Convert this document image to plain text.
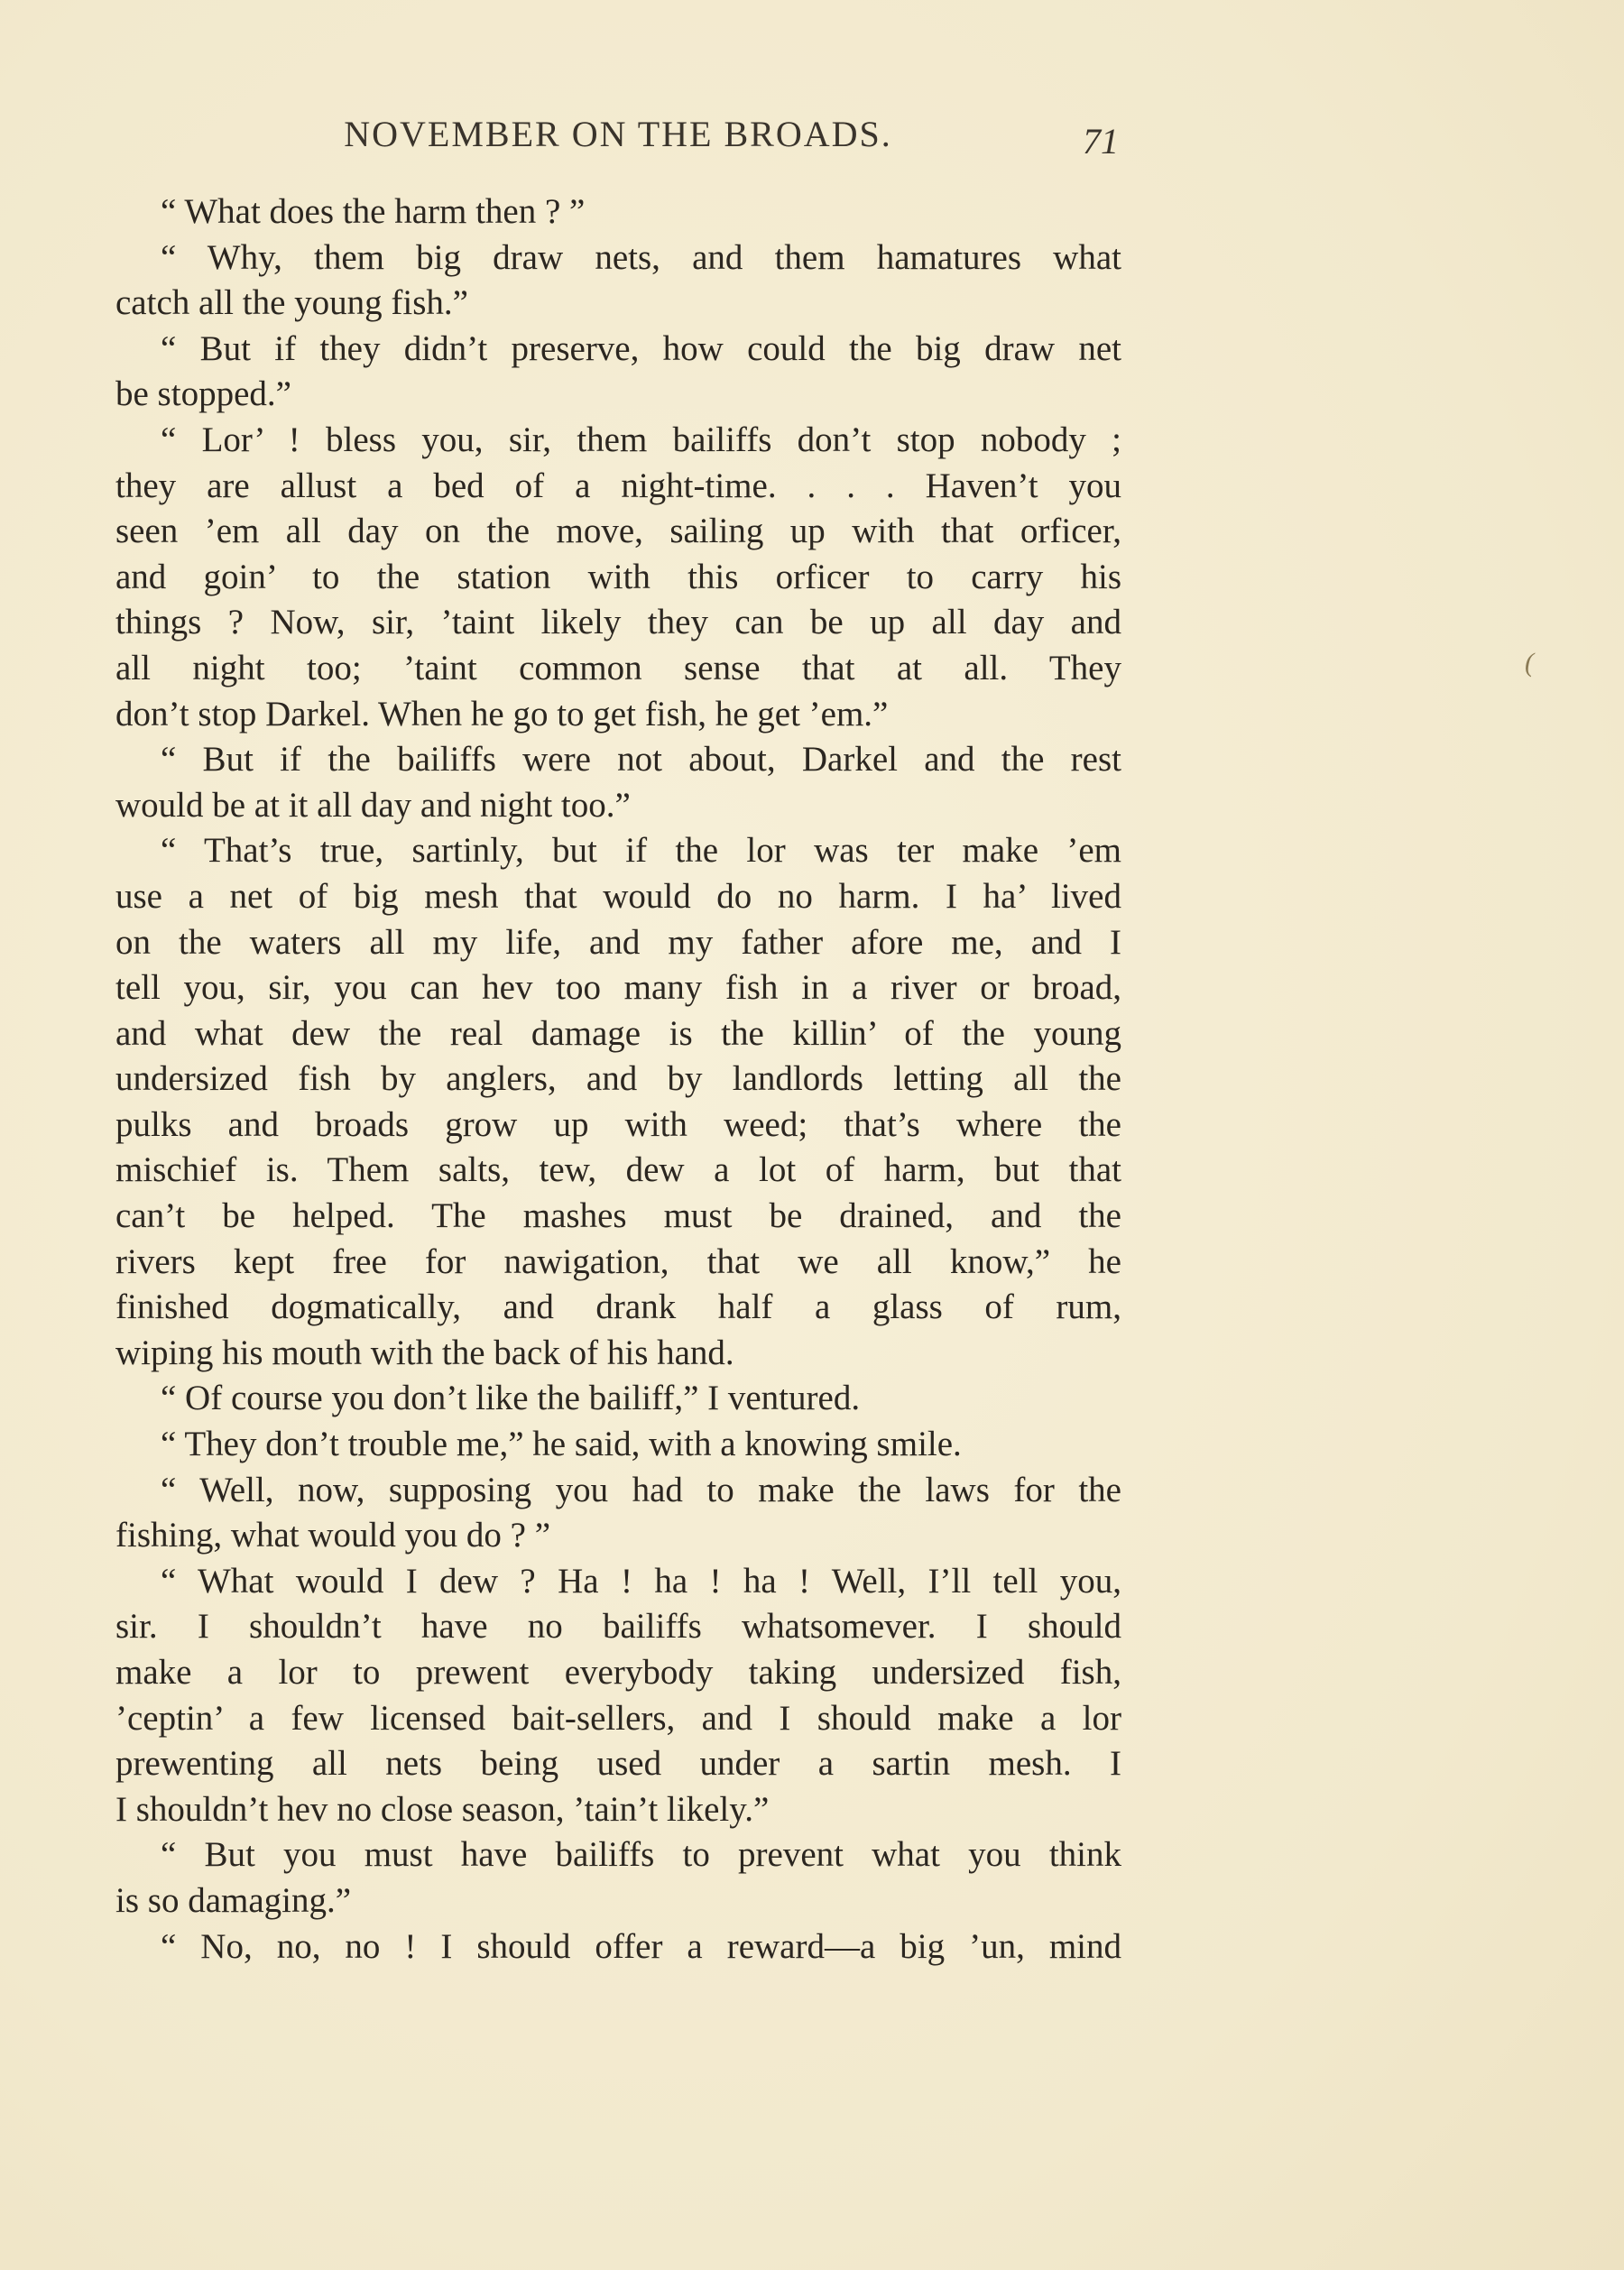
NOVEMBER ON THE BROADS.	71
(
“ What does the harm then ? ”
“ Why, them big draw nets, and them hamatures what
catch all the young fish.”
“ But if they didn’t preserve, how could the big draw net
be stopped.”
“ Lor’ ! bless you, sir, them bailiffs don’t stop nobody ;
they are allust a bed of a night-time. . . . Haven’t you
seen ’em all day on the move, sailing up with that orficer,
and goin’ to the station with this orficer to carry his
things ? Now, sir, ’taint likely they can be up all day and
all night too; ’taint common sense that at all. They
don’t stop Darkel. When he go to get fish, he get ’em.”
“ But if the bailiffs were not about, Darkel and the rest
would be at it all day and night too.”
“ That’s true, sartinly, but if the lor was ter make ’em
use a net of big mesh that would do no harm. I ha’ lived
on the waters all my life, and my father afore me, and I
tell you, sir, you can hev too many fish in a river or broad,
and what dew the real damage is the killin’ of the young
undersized fish by anglers, and by landlords letting all the
pulks and broads grow up with weed; that’s where the
mischief is. Them salts, tew, dew a lot of harm, but that
can’t be helped. The mashes must be drained, and the
rivers kept free for nawigation, that we all know,” he
finished dogmatically, and drank half a glass of rum,
wiping his mouth with the back of his hand.
“ Of course you don’t like the bailiff,” I ventured.
“ They don’t trouble me,” he said, with a knowing smile.
“ Well, now, supposing you had to make the laws for the
fishing, what would you do ? ”
“ What would I dew ? Ha ! ha ! ha ! Well, I’ll tell you,
sir. I shouldn’t have no bailiffs whatsomever. I should
make a lor to prewent everybody taking undersized fish,
’ceptin’ a few licensed bait-sellers, and I should make a lor
prewenting all nets being used under a sartin mesh. I
I shouldn’t hev no close season, ’tain’t likely.”
“ But you must have bailiffs to prevent what you think
is so damaging.”
“ No, no, no ! I should offer a reward—a big ’un, mind
